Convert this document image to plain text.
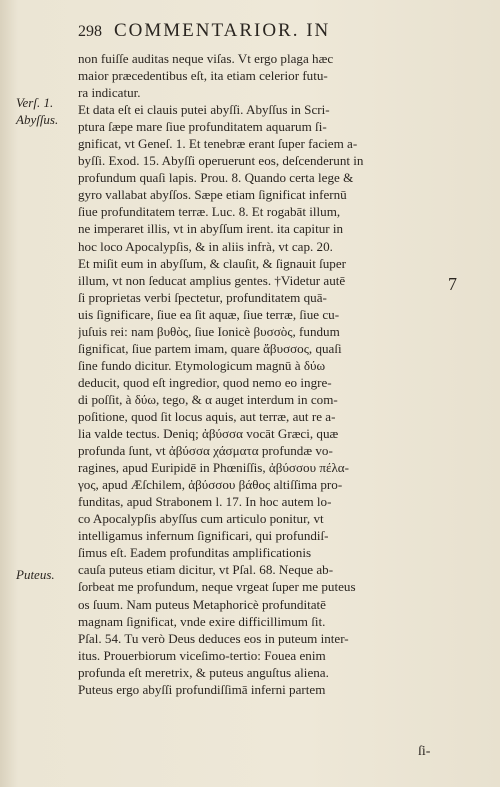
298 COMMENTARIOR. IN
Verſ. 1.
Abyſſus.
Puteus.
7
non fuiſſe auditas neque viſas. Vt ergo plaga hæc
maior præcedentibus eſt, ita etiam celerior futu-
ra indicatur.
Et data eſt ei clauis putei abyſſi. Abyſſus in Scri-
ptura ſæpe mare ſiue profunditatem aquarum ſi-
gnificat, vt Geneſ. 1. Et tenebræ erant ſuper faciem a-
byſſi. Exod. 15. Abyſſi operuerunt eos, deſcenderunt in
profundum quaſi lapis. Prou. 8. Quando certa lege &
gyro vallabat abyſſos. Sæpe etiam ſignificat infernū
ſiue profunditatem terræ. Luc. 8. Et rogabāt illum,
ne imperaret illis, vt in abyſſum irent. ita capitur in
hoc loco Apocalypſis, & in aliis infrà, vt cap. 20.
Et miſit eum in abyſſum, & clauſit, & ſignauit ſuper
illum, vt non ſeducat amplius gentes. †Videtur autē
ſi proprietas verbi ſpectetur, profunditatem quā-
uis ſignificare, ſiue ea ſit aquæ, ſiue terræ, ſiue cu-
juſuis rei: nam βυθὸς, ſiue Ionicè βυσσὸς, fundum
ſignificat, ſiue partem imam, quare ἄβυσσος, quaſi
ſine fundo dicitur. Etymologicum magnū à δύω
deducit, quod eſt ingredior, quod nemo eo ingre-
di poſſit, à δύω, tego, & α auget interdum in com-
poſitione, quod ſit locus aquis, aut terræ, aut re a-
lia valde tectus. Deniq; ἀβύσσα vocāt Græci, quæ
profunda ſunt, vt ἀβύσσα χάσματα profundæ vo-
ragines, apud Euripidē in Phœniſſis, ἀβύσσου πέλα-
γος, apud Æſchilem, ἀβύσσου βάθος altiſſima pro-
funditas, apud Strabonem l. 17. In hoc autem lo-
co Apocalypſis abyſſus cum articulo ponitur, vt
intelligamus infernum ſignificari, qui profundiſ-
ſimus eſt. Eadem profunditas amplificationis
cauſa puteus etiam dicitur, vt Pſal. 68. Neque ab-
ſorbeat me profundum, neque vrgeat ſuper me puteus
os ſuum. Nam puteus Metaphoricè profunditatē
magnam ſignificat, vnde exire difficillimum ſit.
Pſal. 54. Tu verò Deus deduces eos in puteum inter-
itus. Prouerbiorum viceſimo-tertio: Fouea enim
profunda eſt meretrix, & puteus anguſtus aliena.
Puteus ergo abyſſi profundiſſimā inferni partem
ſi-
